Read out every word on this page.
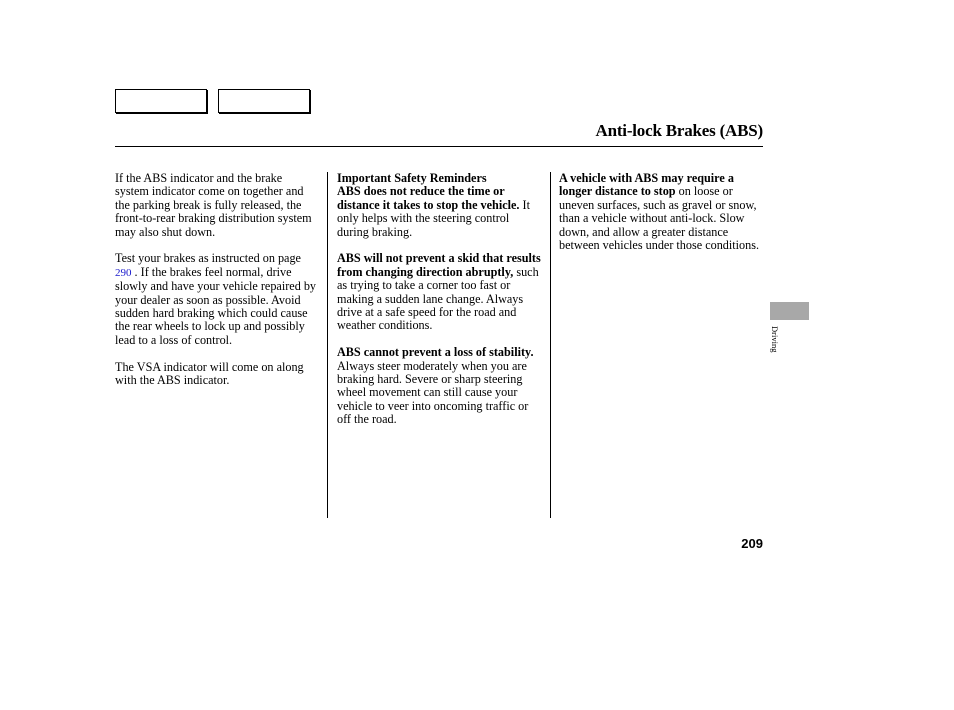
Anti-lock Brakes (ABS)

If the ABS indicator and the brake system indicator come on together and the parking break is fully released, the front-to-rear braking distribution system may also shut down.

Test your brakes as instructed on page 290 . If the brakes feel normal, drive slowly and have your vehicle repaired by your dealer as soon as possible. Avoid sudden hard braking which could cause the rear wheels to lock up and possibly lead to a loss of control.

The VSA indicator will come on along with the ABS indicator.

Important Safety Reminders
ABS does not reduce the time or distance it takes to stop the vehicle. It only helps with the steering control during braking.

ABS will not prevent a skid that results from changing direction abruptly, such as trying to take a corner too fast or making a sudden lane change. Always drive at a safe speed for the road and weather conditions.

ABS cannot prevent a loss of stability. Always steer moderately when you are braking hard. Severe or sharp steering wheel movement can still cause your vehicle to veer into oncoming traffic or off the road.

A vehicle with ABS may require a longer distance to stop on loose or uneven surfaces, such as gravel or snow, than a vehicle without anti-lock. Slow down, and allow a greater distance between vehicles under those conditions.

Driving
209
